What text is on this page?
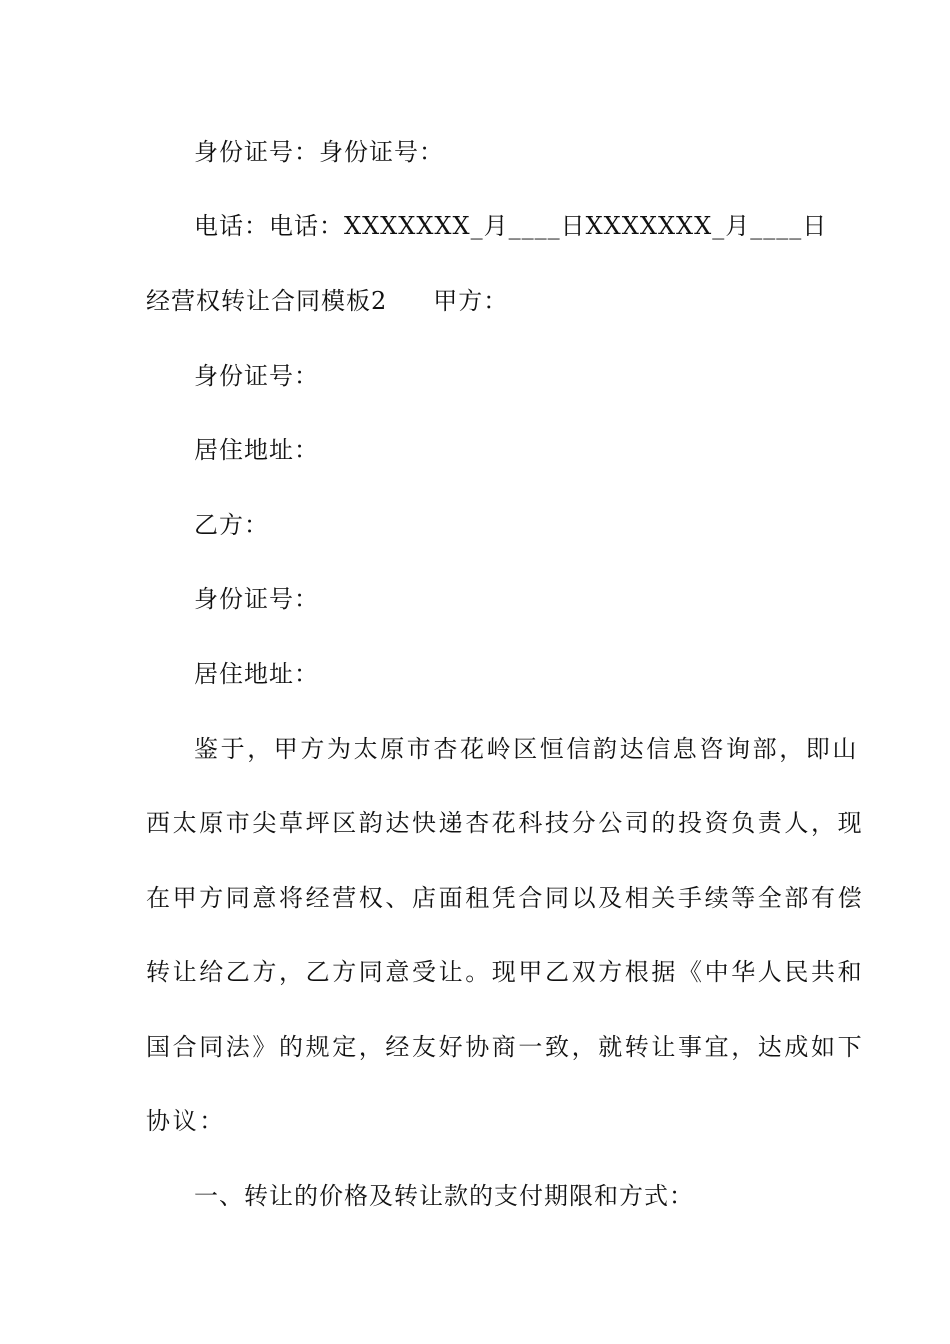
身份证号：身份证号：
电话：电话：XXXXXXX_月____日XXXXXXX_月____日
经营权转让合同模板2 甲方：
身份证号：
居住地址：
乙方：
身份证号：
居住地址：
鉴于，甲方为太原市杏花岭区恒信韵达信息咨询部，即山
西太原市尖草坪区韵达快递杏花科技分公司的投资负责人，现
在甲方同意将经营权、店面租凭合同以及相关手续等全部有偿
转让给乙方，乙方同意受让。现甲乙双方根据《中华人民共和
国合同法》的规定，经友好协商一致，就转让事宜，达成如下
协议：
一、转让的价格及转让款的支付期限和方式：
